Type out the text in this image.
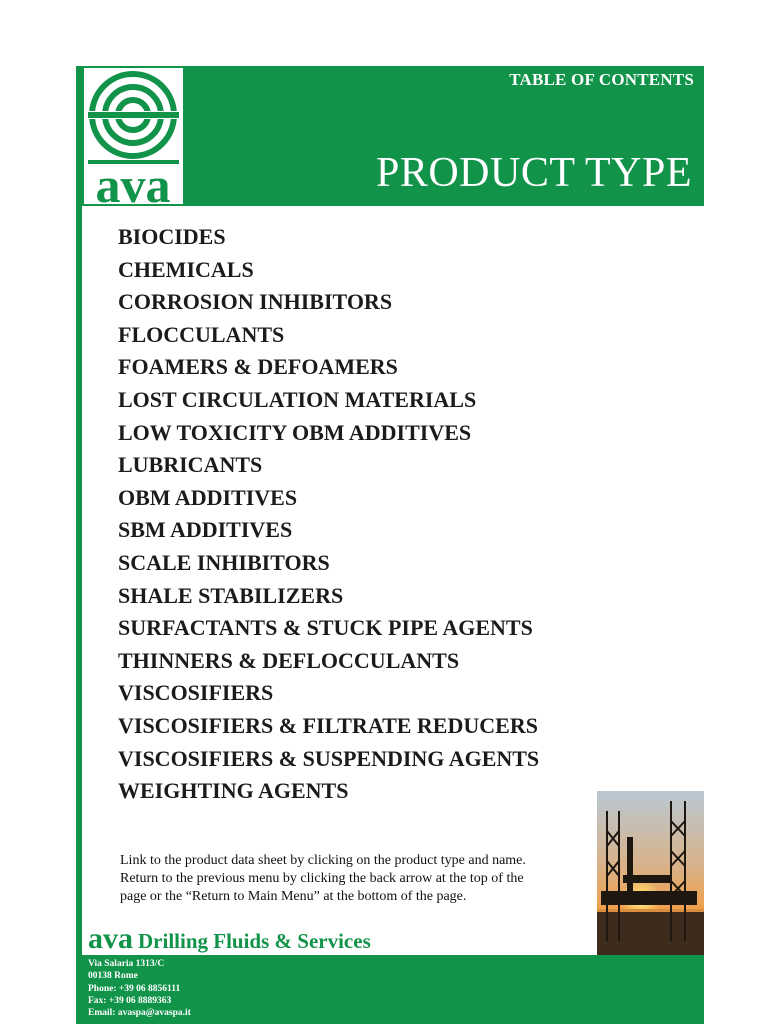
TABLE OF CONTENTS
PRODUCT TYPE
ava
BIOCIDES
CHEMICALS
CORROSION INHIBITORS
FLOCCULANTS
FOAMERS & DEFOAMERS
LOST CIRCULATION MATERIALS
LOW TOXICITY OBM ADDITIVES
LUBRICANTS
OBM ADDITIVES
SBM ADDITIVES
SCALE INHIBITORS
SHALE STABILIZERS
SURFACTANTS & STUCK PIPE AGENTS
THINNERS & DEFLOCCULANTS
VISCOSIFIERS
VISCOSIFIERS & FILTRATE REDUCERS
VISCOSIFIERS & SUSPENDING AGENTS
WEIGHTING AGENTS
Link to the product data sheet by clicking on the product type and name.
Return to the previous menu by clicking the back arrow at the top of the
page or the “Return to Main Menu” at the bottom of the page.
ava Drilling Fluids & Services
Via Salaria 1313/C
00138 Rome
Phone: +39 06 8856111
Fax: +39 06 8889363
Email: avaspa@avaspa.it
